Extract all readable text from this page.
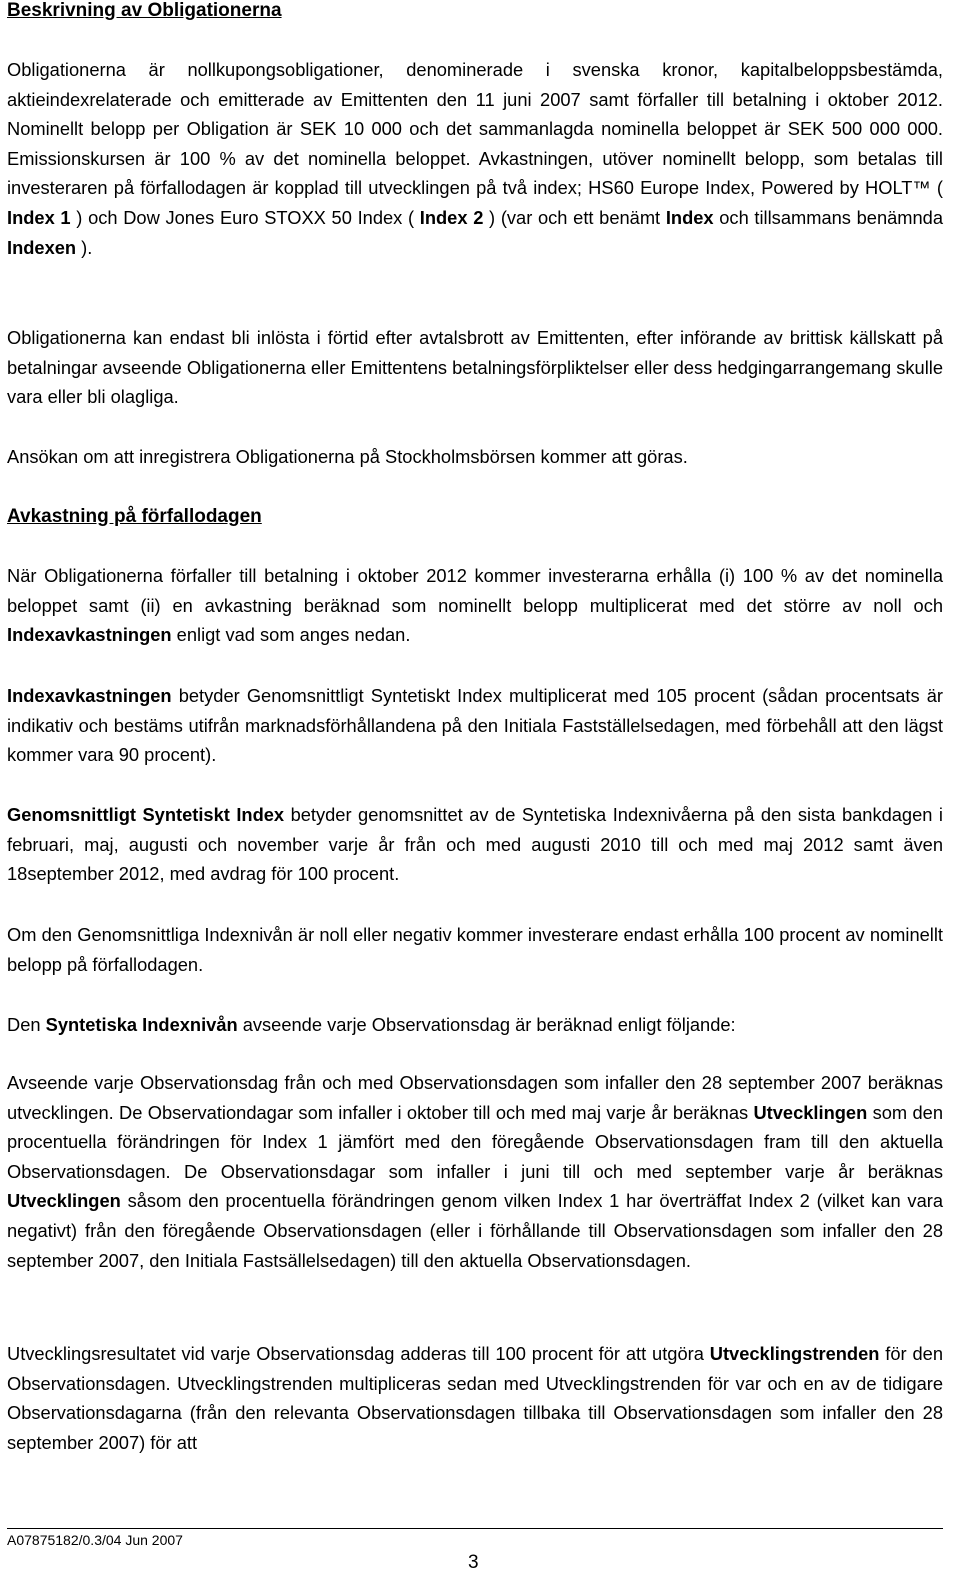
Beskrivning av Obligationerna

Obligationerna är nollkupongsobligationer, denominerade i svenska kronor, kapitalbeloppsbestämda, aktieindexrelaterade och emitterade av Emittenten den 11 juni 2007 samt förfaller till betalning i oktober 2012. Nominellt belopp per Obligation är SEK 10 000 och det sammanlagda nominella beloppet är SEK 500 000 000. Emissionskursen är 100 % av det nominella beloppet. Avkastningen, utöver nominellt belopp, som betalas till investeraren på förfallodagen är kopplad till utvecklingen på två index; HS60 Europe Index, Powered by HOLT™ ( Index 1 ) och Dow Jones Euro STOXX 50 Index ( Index 2 ) (var och ett benämt Index och tillsammans benämnda Indexen ).

Obligationerna kan endast bli inlösta i förtid efter avtalsbrott av Emittenten, efter införande av brittisk källskatt på betalningar avseende Obligationerna eller Emittentens betalningsförpliktelser eller dess hedgingarrangemang skulle vara eller bli olagliga.

Ansökan om att inregistrera Obligationerna på Stockholmsbörsen kommer att göras.

Avkastning på förfallodagen

När Obligationerna förfaller till betalning i oktober 2012 kommer investerarna erhålla (i) 100 % av det nominella beloppet samt (ii) en avkastning beräknad som nominellt belopp multiplicerat med det större av noll och Indexavkastningen enligt vad som anges nedan.

Indexavkastningen betyder Genomsnittligt Syntetiskt Index multiplicerat med 105 procent (sådan procentsats är indikativ och bestäms utifrån marknadsförhållandena på den Initiala Fastställelsedagen, med förbehåll att den lägst kommer vara 90 procent).

Genomsnittligt Syntetiskt Index betyder genomsnittet av de Syntetiska Indexnivåerna på den sista bankdagen i februari, maj, augusti och november varje år från och med augusti 2010 till och med maj 2012 samt även 18september 2012, med avdrag för 100 procent.

Om den Genomsnittliga Indexnivån är noll eller negativ kommer investerare endast erhålla 100 procent av nominellt belopp på förfallodagen.

Den Syntetiska Indexnivån avseende varje Observationsdag är beräknad enligt följande:

Avseende varje Observationsdag från och med Observationsdagen som infaller den 28 september 2007 beräknas utvecklingen. De Observationdagar som infaller i oktober till och med maj varje år beräknas Utvecklingen som den procentuella förändringen för Index 1 jämfört med den föregående Observationsdagen fram till den aktuella Observationsdagen. De Observationsdagar som infaller i juni till och med september varje år beräknas Utvecklingen såsom den procentuella förändringen genom vilken Index 1 har överträffat Index 2 (vilket kan vara negativt) från den föregående Observationsdagen (eller i förhållande till Observationsdagen som infaller den 28 september 2007, den Initiala Fastsällelsedagen) till den aktuella Observationsdagen.

Utvecklingsresultatet vid varje Observationsdag adderas till 100 procent för att utgöra Utvecklingstrenden för den Observationsdagen. Utvecklingstrenden multipliceras sedan med Utvecklingstrenden för var och en av de tidigare Observationsdagarna (från den relevanta Observationsdagen tillbaka till Observationsdagen som infaller den 28 september 2007) för att

A07875182/0.3/04 Jun 2007
3
